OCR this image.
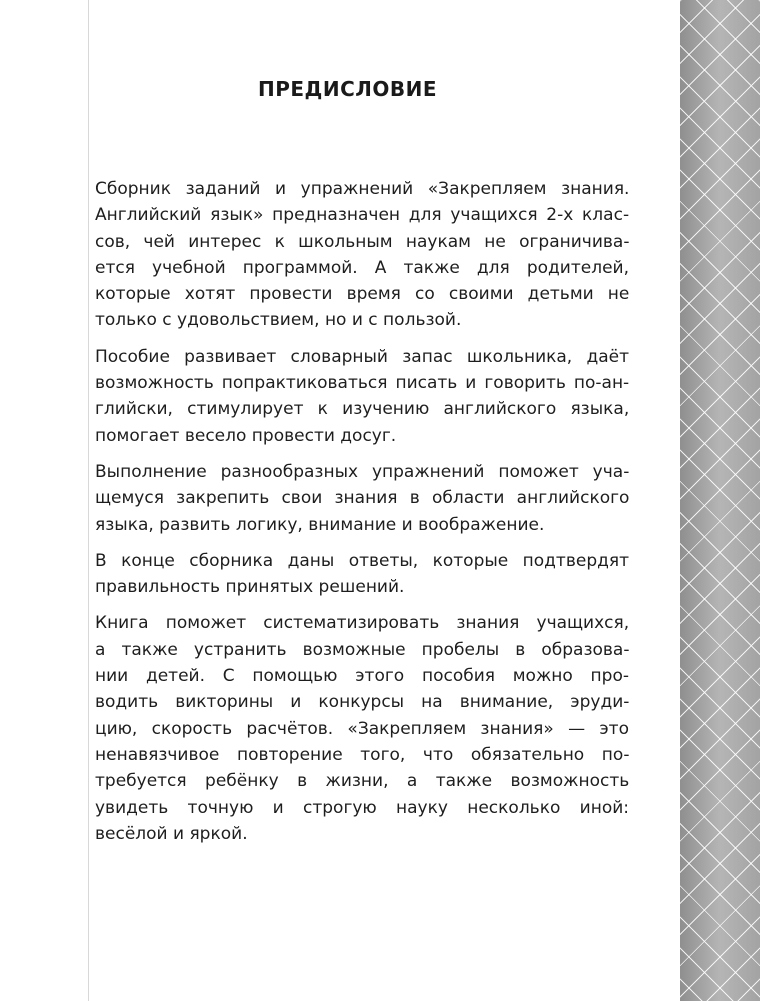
ПРЕДИСЛОВИЕ

Сборник заданий и упражнений «Закрепляем знания.
Английский язык» предназначен для учащихся 2-х клас-
сов, чей интерес к школьным наукам не ограничива-
ется учебной программой. А также для родителей,
которые хотят провести время со своими детьми не
только с удовольствием, но и с пользой.

Пособие развивает словарный запас школьника, даёт
возможность попрактиковаться писать и говорить по-ан-
глийски, стимулирует к изучению английского языка,
помогает весело провести досуг.

Выполнение разнообразных упражнений поможет уча-
щемуся закрепить свои знания в области английского
языка, развить логику, внимание и воображение.

В конце сборника даны ответы, которые подтвердят
правильность принятых решений.

Книга поможет систематизировать знания учащихся,
а также устранить возможные пробелы в образова-
нии детей. С помощью этого пособия можно про-
водить викторины и конкурсы на внимание, эруди-
цию, скорость расчётов. «Закрепляем знания» — это
ненавязчивое повторение того, что обязательно по-
требуется ребёнку в жизни, а также возможность
увидеть точную и строгую науку несколько иной:
весёлой и яркой.
